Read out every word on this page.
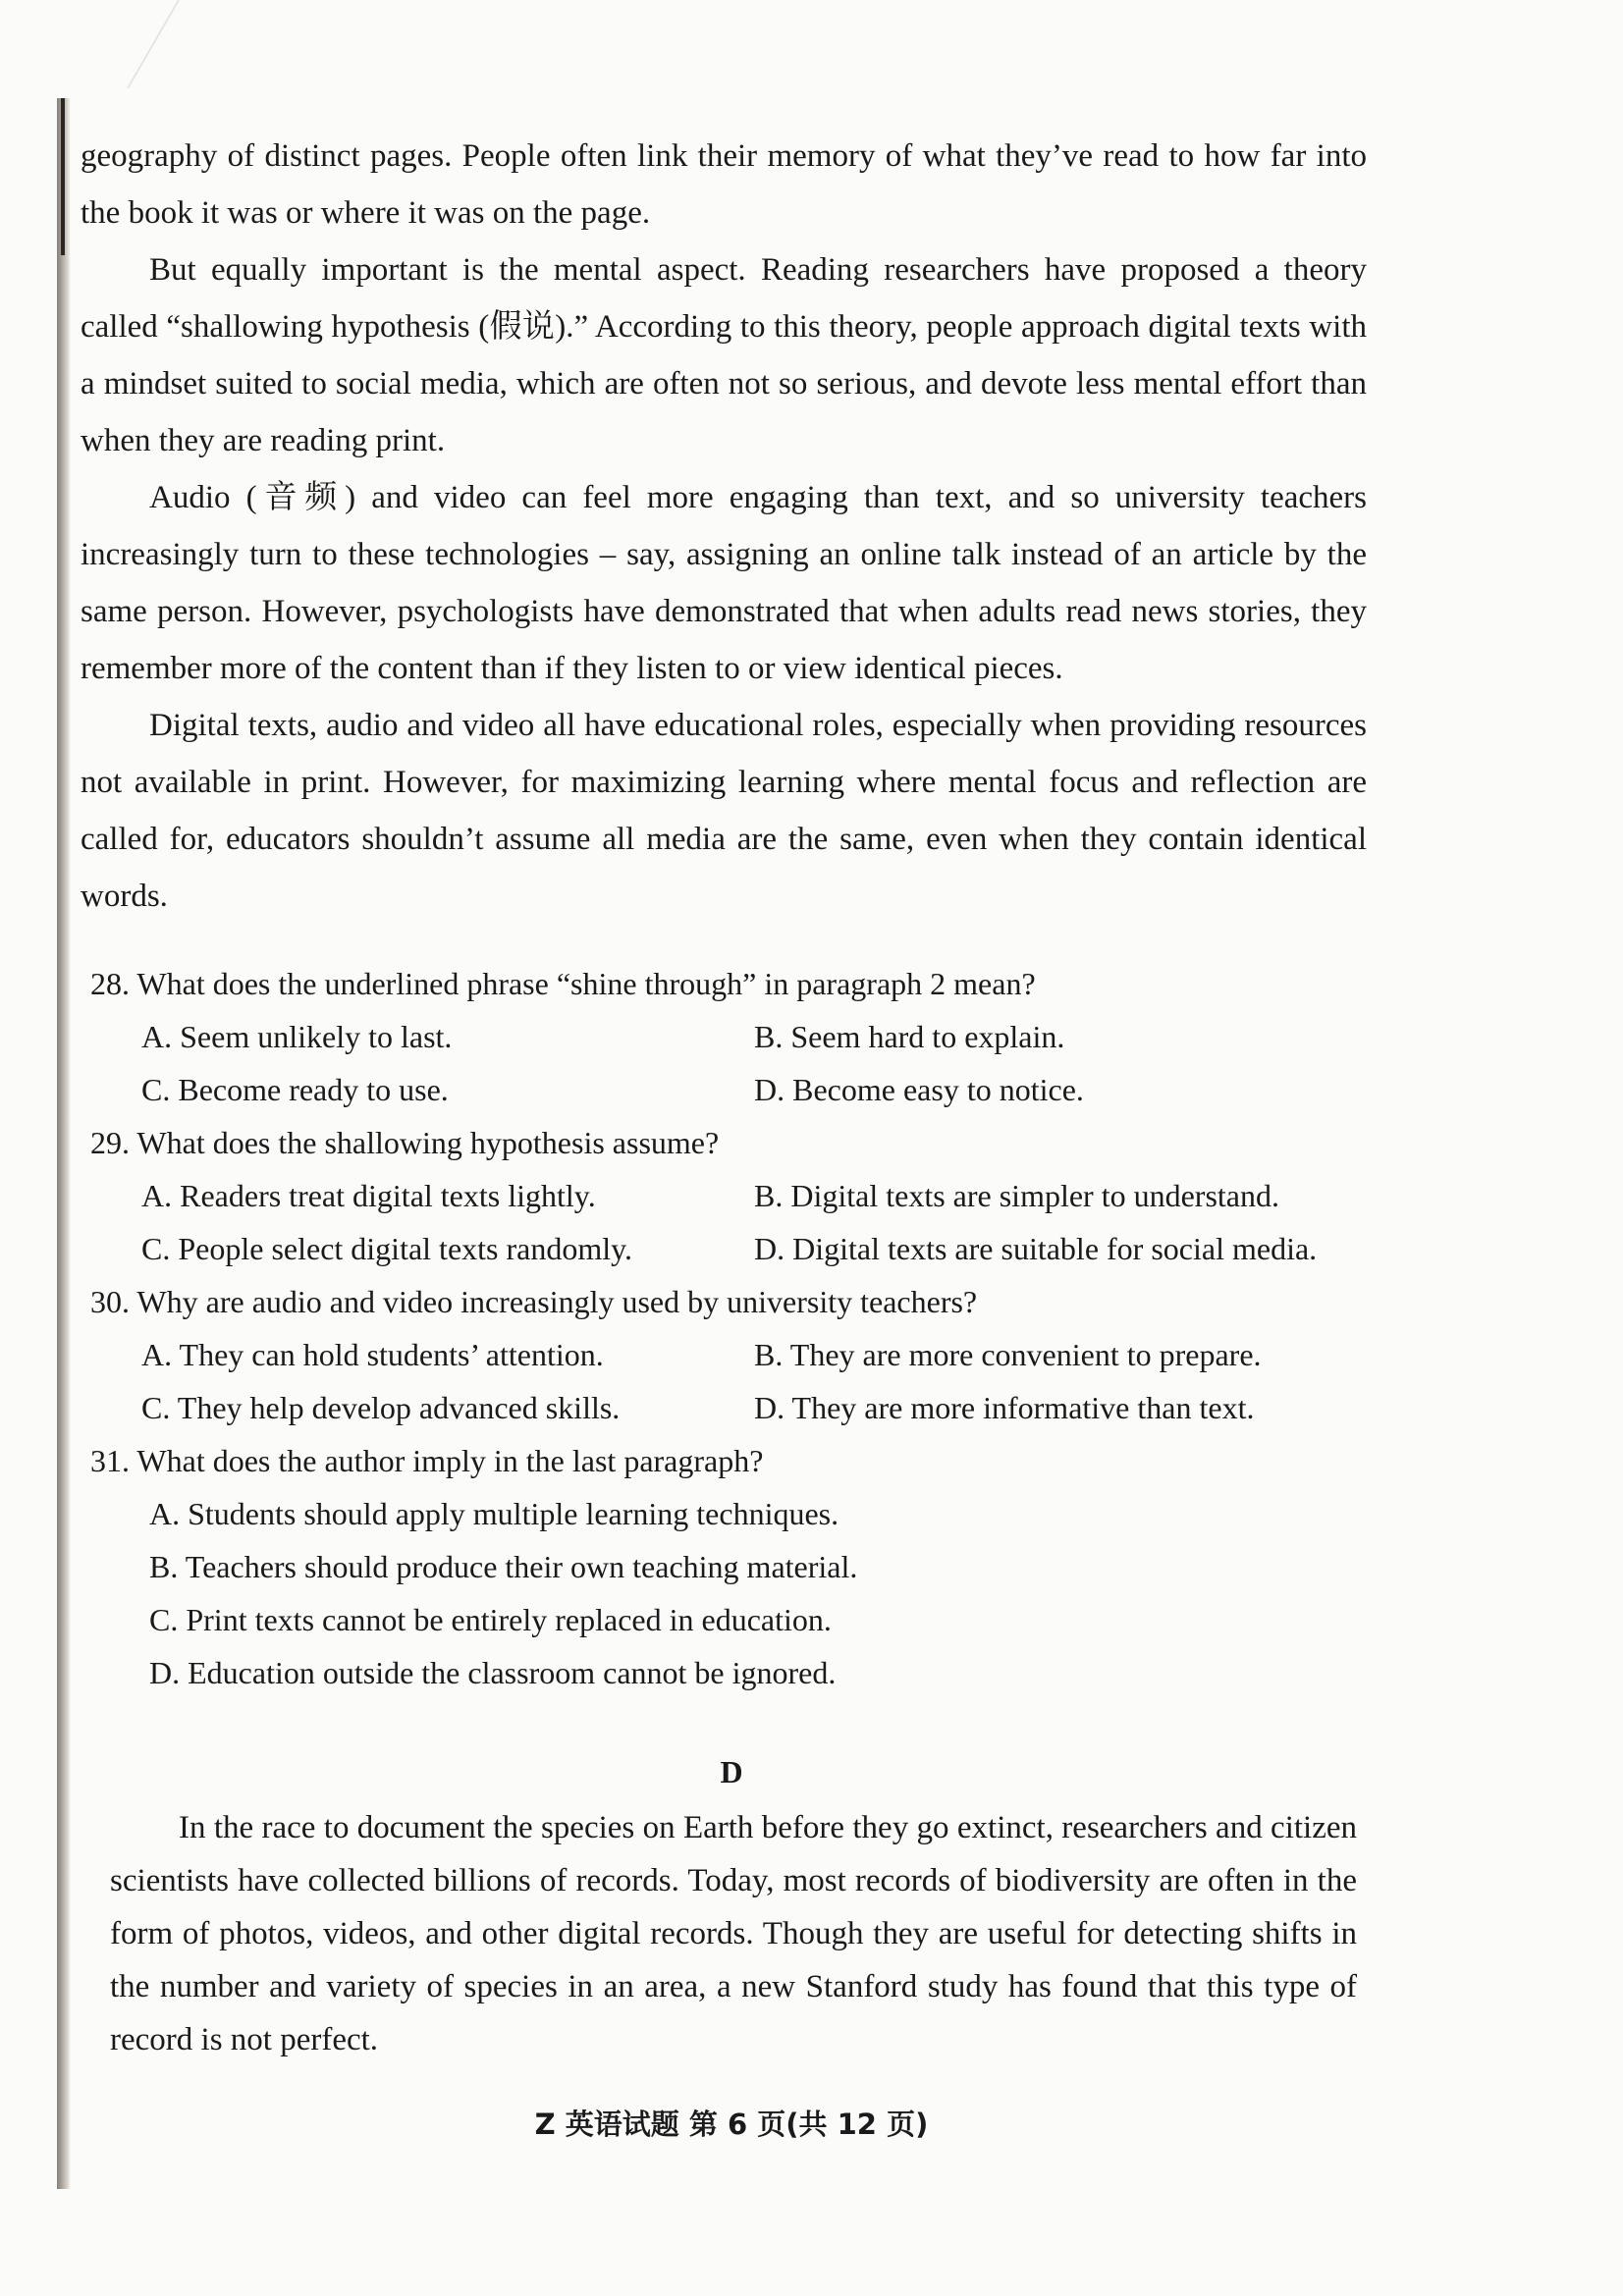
geography of distinct pages. People often link their memory of what they’ve read to how far into the book it was or where it was on the page.

But equally important is the mental aspect. Reading researchers have proposed a theory called “shallowing hypothesis (假说).” According to this theory, people approach digital texts with a mindset suited to social media, which are often not so serious, and devote less mental effort than when they are reading print.

Audio (音频) and video can feel more engaging than text, and so university teachers increasingly turn to these technologies – say, assigning an online talk instead of an article by the same person. However, psychologists have demonstrated that when adults read news stories, they remember more of the content than if they listen to or view identical pieces.

Digital texts, audio and video all have educational roles, especially when providing resources not available in print. However, for maximizing learning where mental focus and reflection are called for, educators shouldn’t assume all media are the same, even when they contain identical words.

28. What does the underlined phrase “shine through” in paragraph 2 mean?

A. Seem unlikely to last.	B. Seem hard to explain.
C. Become ready to use.	D. Become easy to notice.

29. What does the shallowing hypothesis assume?

A. Readers treat digital texts lightly.	B. Digital texts are simpler to understand.
C. People select digital texts randomly.	D. Digital texts are suitable for social media.

30. Why are audio and video increasingly used by university teachers?

A. They can hold students’ attention.	B. They are more convenient to prepare.
C. They help develop advanced skills.	D. They are more informative than text.

31. What does the author imply in the last paragraph?

A. Students should apply multiple learning techniques.

B. Teachers should produce their own teaching material.

C. Print texts cannot be entirely replaced in education.

D. Education outside the classroom cannot be ignored.

D

In the race to document the species on Earth before they go extinct, researchers and citizen scientists have collected billions of records. Today, most records of biodiversity are often in the form of photos, videos, and other digital records. Though they are useful for detecting shifts in the number and variety of species in an area, a new Stanford study has found that this type of record is not perfect.

Z 英语试题 第 6 页(共 12 页)
